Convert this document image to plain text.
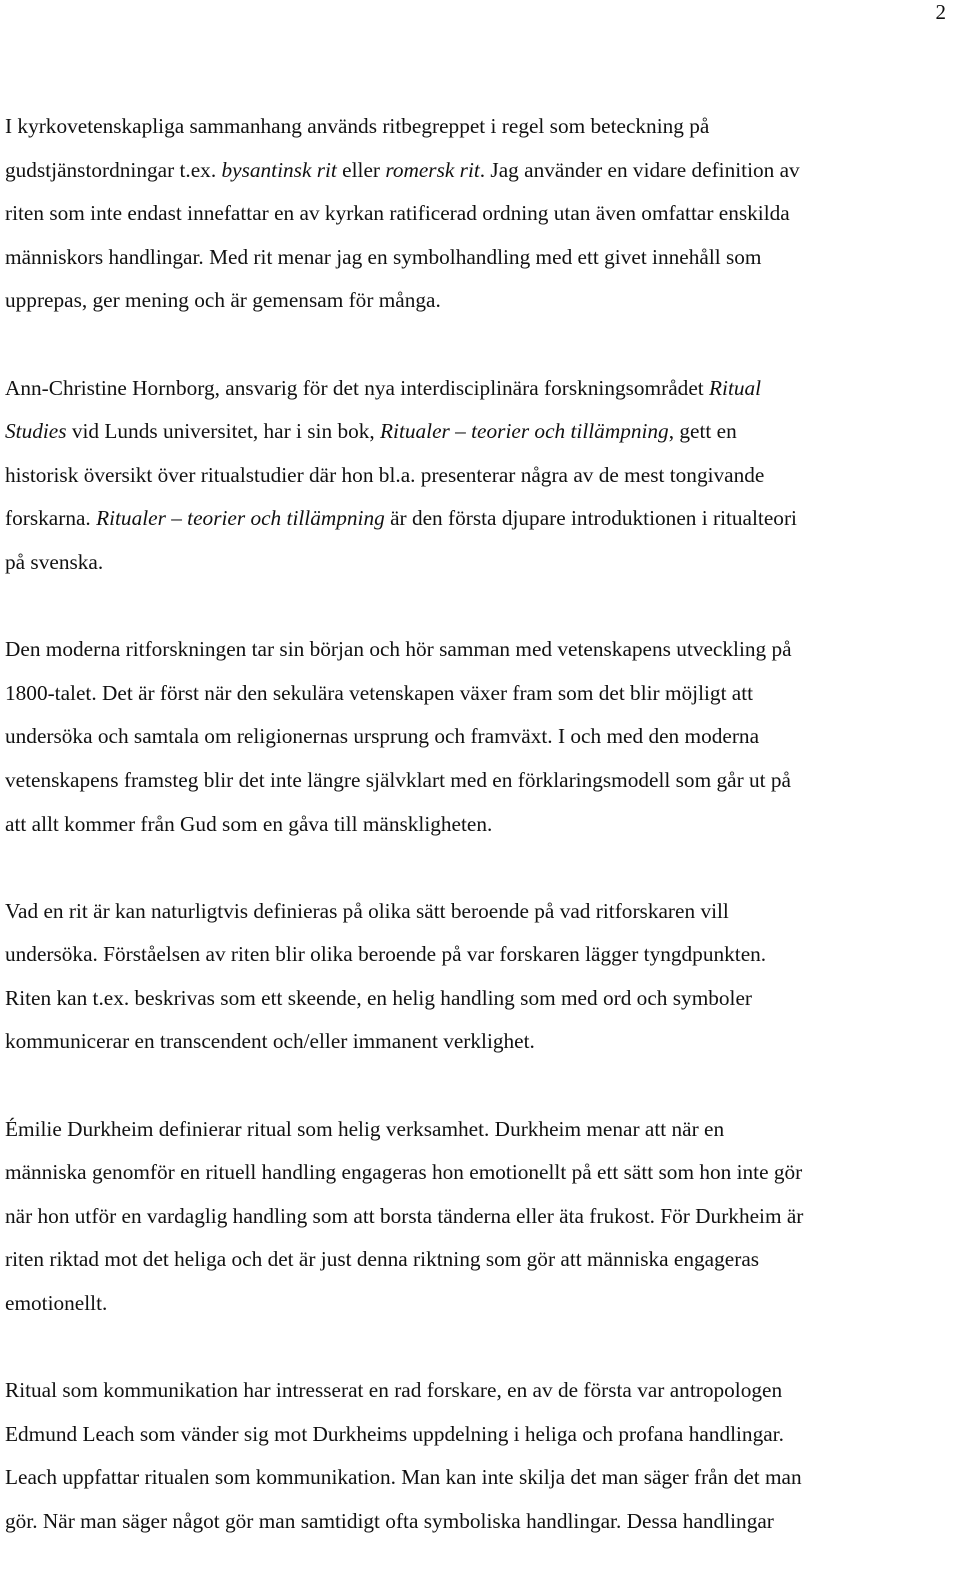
2
I kyrkovetenskapliga sammanhang används ritbegreppet i regel som beteckning på
gudstjänstordningar t.ex. bysantinsk rit eller romersk rit. Jag använder en vidare definition av
riten som inte endast innefattar en av kyrkan ratificerad ordning utan även omfattar enskilda
människors handlingar. Med rit menar jag en symbolhandling med ett givet innehåll som
upprepas, ger mening och är gemensam för många.
Ann-Christine Hornborg, ansvarig för det nya interdisciplinära forskningsområdet Ritual
Studies vid Lunds universitet, har i sin bok, Ritualer – teorier och tillämpning, gett en
historisk översikt över ritualstudier där hon bl.a. presenterar några av de mest tongivande
forskarna. Ritualer – teorier och tillämpning är den första djupare introduktionen i ritualteori
på svenska.
Den moderna ritforskningen tar sin början och hör samman med vetenskapens utveckling på
1800-talet. Det är först när den sekulära vetenskapen växer fram som det blir möjligt att
undersöka och samtala om religionernas ursprung och framväxt. I och med den moderna
vetenskapens framsteg blir det inte längre självklart med en förklaringsmodell som går ut på
att allt kommer från Gud som en gåva till mänskligheten.
Vad en rit är kan naturligtvis definieras på olika sätt beroende på vad ritforskaren vill
undersöka. Förståelsen av riten blir olika beroende på var forskaren lägger tyngdpunkten.
Riten kan t.ex. beskrivas som ett skeende, en helig handling som med ord och symboler
kommunicerar en transcendent och/eller immanent verklighet.
Émilie Durkheim definierar ritual som helig verksamhet. Durkheim menar att när en
människa genomför en rituell handling engageras hon emotionellt på ett sätt som hon inte gör
när hon utför en vardaglig handling som att borsta tänderna eller äta frukost. För Durkheim är
riten riktad mot det heliga och det är just denna riktning som gör att människa engageras
emotionellt.
Ritual som kommunikation har intresserat en rad forskare, en av de första var antropologen
Edmund Leach som vänder sig mot Durkheims uppdelning i heliga och profana handlingar.
Leach uppfattar ritualen som kommunikation. Man kan inte skilja det man säger från det man
gör. När man säger något gör man samtidigt ofta symboliska handlingar. Dessa handlingar
